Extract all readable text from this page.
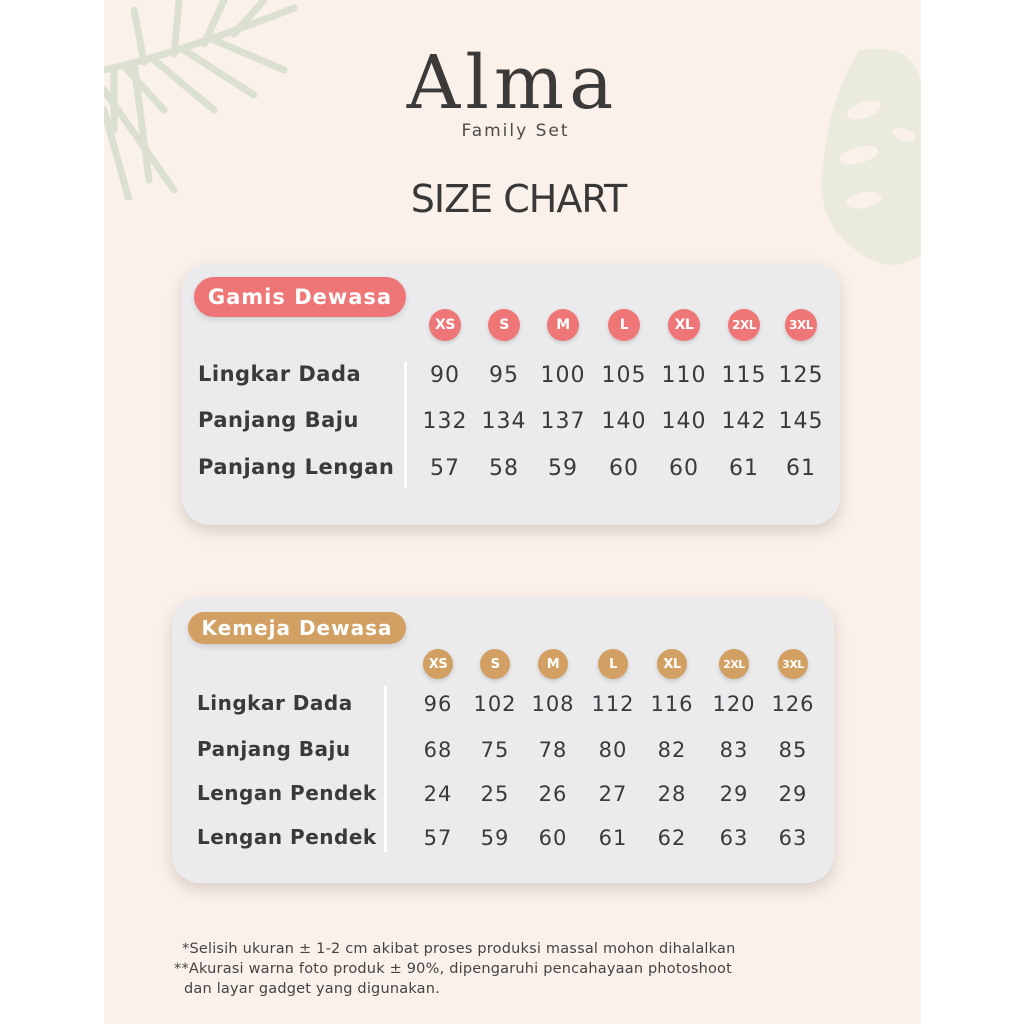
Alma
Family Set
SIZE CHART
Gamis Dewasa
XS	S	M	L	XL	2XL	3XL
Lingkar Dada	90	95 100 105 110 115 125
Panjang Baju	132 134 137 140 140 142 145
Panjang Lengan	57	58	59	60	60	61	61
Kemeja Dewasa
XS	S	M	L	XL	2XL	3XL
Lingkar Dada	96	102 108 112 116 120 126
Panjang Baju	68	75	78	80	82	83	85
Lengan Pendek	24	25	26	27	28	29	29
Lengan Pendek	57	59	60	61	62	63	63
*Selisih ukuran ± 1-2 cm akibat proses produksi massal mohon dihalalkan
**Akurasi warna foto produk ± 90%, dipengaruhi pencahayaan photoshoot
dan layar gadget yang digunakan.
